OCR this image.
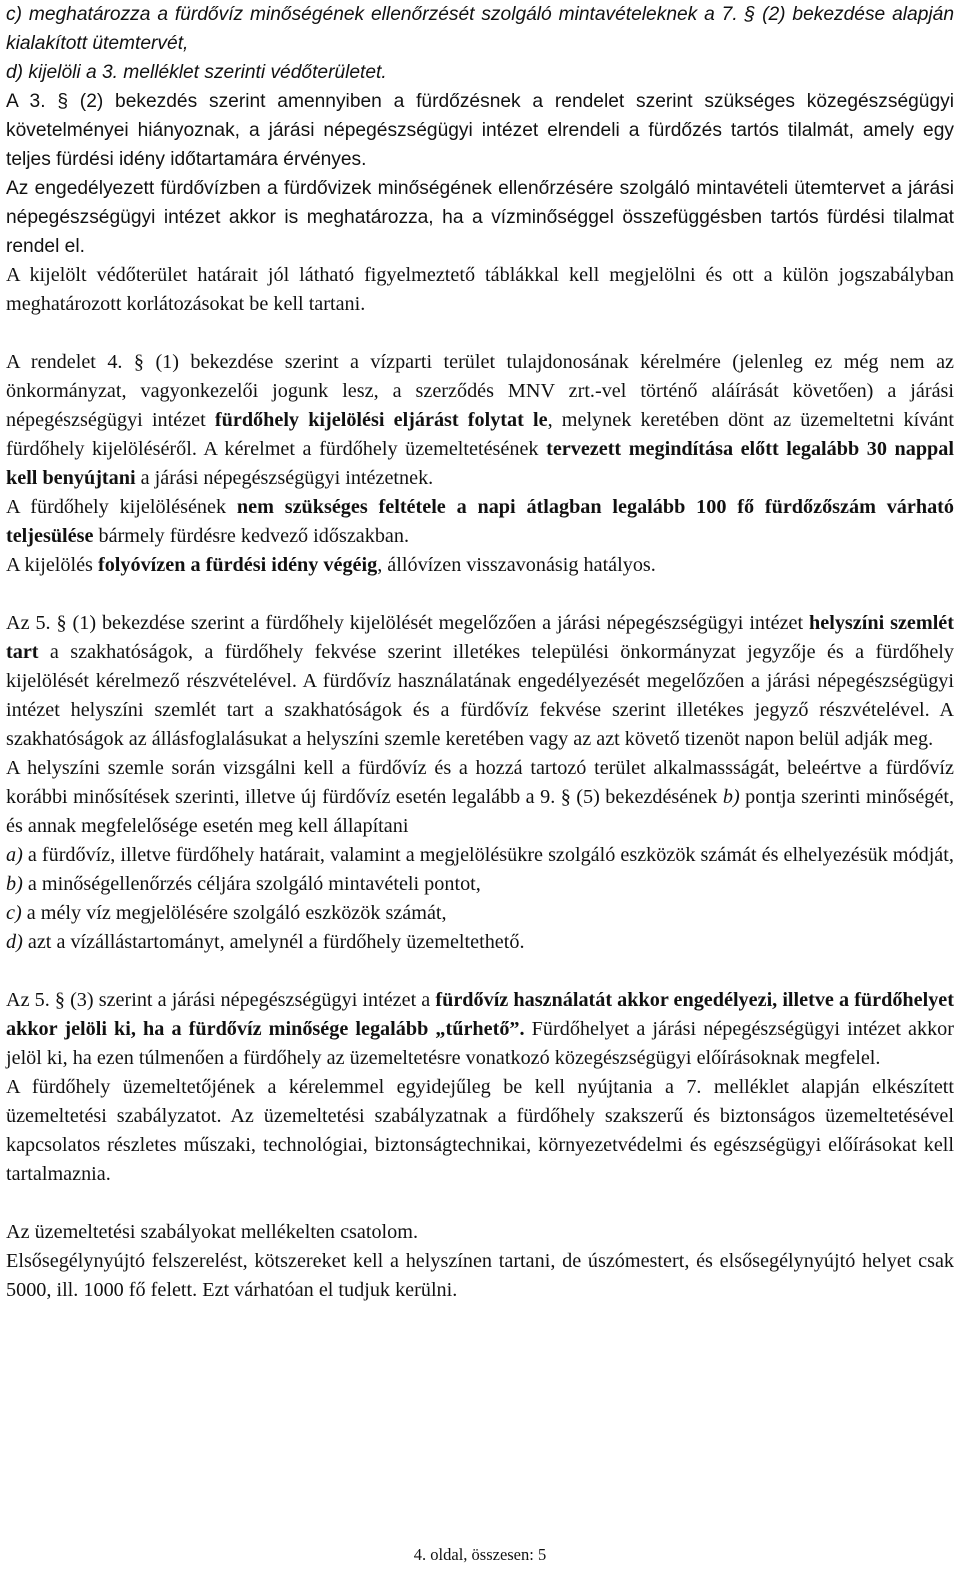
c) meghatározza a fürdővíz minőségének ellenőrzését szolgáló mintavételeknek a 7. § (2) bekezdése alapján kialakított ütemtervét,

d) kijelöli a 3. melléklet szerinti védőterületet.

A 3. § (2) bekezdés szerint amennyiben a fürdőzésnek a rendelet szerint szükséges közegészségügyi követelményei hiányoznak, a járási népegészségügyi intézet elrendeli a fürdőzés tartós tilalmát, amely egy teljes fürdési idény időtartamára érvényes.

Az engedélyezett fürdővízben a fürdővizek minőségének ellenőrzésére szolgáló mintavételi ütemtervet a járási népegészségügyi intézet akkor is meghatározza, ha a vízminőséggel összefüggésben tartós fürdési tilalmat rendel el.

A kijelölt védőterület határait jól látható figyelmeztető táblákkal kell megjelölni és ott a külön jogszabályban meghatározott korlátozásokat be kell tartani.

A rendelet 4. § (1) bekezdése szerint a vízparti terület tulajdonosának kérelmére (jelenleg ez még nem az önkormányzat, vagyonkezelői jogunk lesz, a szerződés MNV zrt.-vel történő aláírását követően) a járási népegészségügyi intézet fürdőhely kijelölési eljárást folytat le, melynek keretében dönt az üzemeltetni kívánt fürdőhely kijelöléséről. A kérelmet a fürdőhely üzemeltetésének tervezett megindítása előtt legalább 30 nappal kell benyújtani a járási népegészségügyi intézetnek.

A fürdőhely kijelölésének nem szükséges feltétele a napi átlagban legalább 100 fő fürdőzőszám várható teljesülése bármely fürdésre kedvező időszakban.

A kijelölés folyóvízen a fürdési idény végéig, állóvízen visszavonásig hatályos.

Az 5. § (1) bekezdése szerint a fürdőhely kijelölését megelőzően a járási népegészségügyi intézet helyszíni szemlét tart a szakhatóságok, a fürdőhely fekvése szerint illetékes települési önkormányzat jegyzője és a fürdőhely kijelölését kérelmező részvételével. A fürdővíz használatának engedélyezését megelőzően a járási népegészségügyi intézet helyszíni szemlét tart a szakhatóságok és a fürdővíz fekvése szerint illetékes jegyző részvételével. A szakhatóságok az állásfoglalásukat a helyszíni szemle keretében vagy az azt követő tizenöt napon belül adják meg.

A helyszíni szemle során vizsgálni kell a fürdővíz és a hozzá tartozó terület alkalmassságát, beleértve a fürdővíz korábbi minősítések szerinti, illetve új fürdővíz esetén legalább a 9. § (5) bekezdésének b) pontja szerinti minőségét, és annak megfelelősége esetén meg kell állapítani

a) a fürdővíz, illetve fürdőhely határait, valamint a megjelölésükre szolgáló eszközök számát és elhelyezésük módját,

b) a minőségellenőrzés céljára szolgáló mintavételi pontot,

c) a mély víz megjelölésére szolgáló eszközök számát,

d) azt a vízállástartományt, amelynél a fürdőhely üzemeltethető.

Az 5. § (3) szerint a járási népegészségügyi intézet a fürdővíz használatát akkor engedélyezi, illetve a fürdőhelyet akkor jelöli ki, ha a fürdővíz minősége legalább „tűrhető”. Fürdőhelyet a járási népegészségügyi intézet akkor jelöl ki, ha ezen túlmenően a fürdőhely az üzemeltetésre vonatkozó közegészségügyi előírásoknak megfelel.

A fürdőhely üzemeltetőjének a kérelemmel egyidejűleg be kell nyújtania a 7. melléklet alapján elkészített üzemeltetési szabályzatot. Az üzemeltetési szabályzatnak a fürdőhely szakszerű és biztonságos üzemeltetésével kapcsolatos részletes műszaki, technológiai, biztonságtechnikai, környezetvédelmi és egészségügyi előírásokat kell tartalmaznia.

Az üzemeltetési szabályokat mellékelten csatolom.

Elsősegélynyújtó felszerelést, kötszereket kell a helyszínen tartani, de úszómestert, és elsősegélynyújtó helyet csak 5000, ill. 1000 fő felett. Ezt várhatóan el tudjuk kerülni.

4. oldal, összesen: 5
